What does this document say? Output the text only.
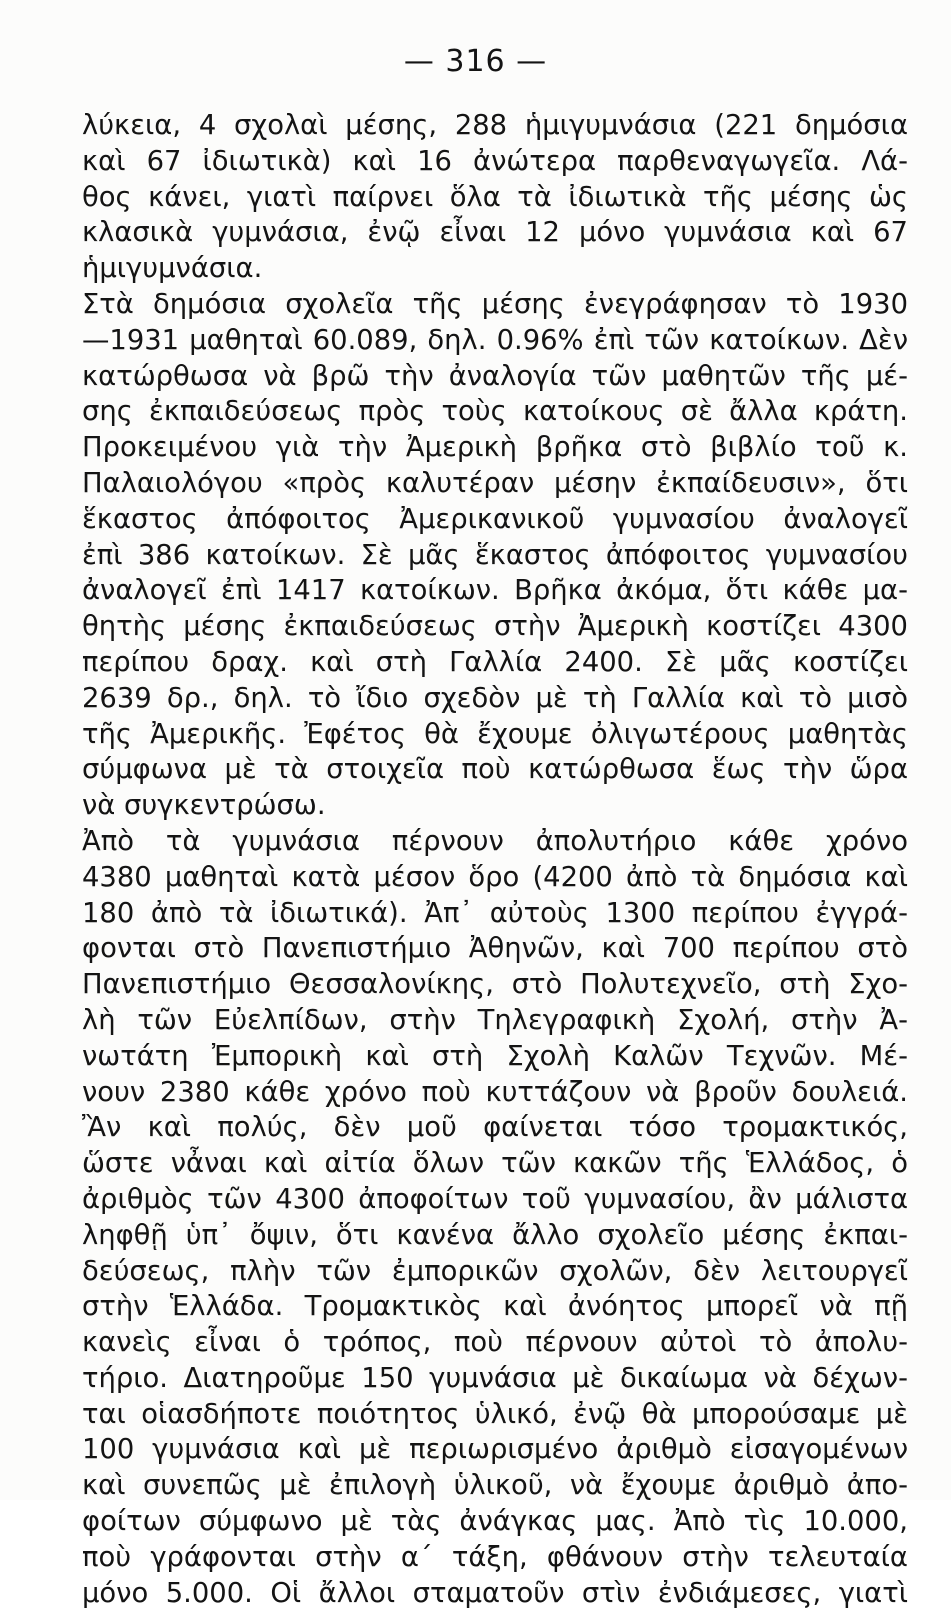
— 316 —
λύκεια, 4 σχολαὶ μέσης, 288 ἡμιγυμνάσια (221 δημόσια
καὶ 67 ἰδιωτικὰ) καὶ 16 ἀνώτερα παρθεναγωγεῖα. Λά-
θος κάνει, γιατὶ παίρνει ὅλα τὰ ἰδιωτικὰ τῆς μέσης ὡς
κλασικὰ γυμνάσια, ἐνῷ εἶναι 12 μόνο γυμνάσια καὶ 67
ἡμιγυμνάσια.
Στὰ δημόσια σχολεῖα τῆς μέσης ἐνεγράφησαν τὸ 1930
—1931 μαθηταὶ 60.089, δηλ. 0.96% ἐπὶ τῶν κατοίκων. Δὲν
κατώρθωσα νὰ βρῶ τὴν ἀναλογία τῶν μαθητῶν τῆς μέ-
σης ἐκπαιδεύσεως πρὸς τοὺς κατοίκους σὲ ἄλλα κράτη.
Προκειμένου γιὰ τὴν Ἀμερικὴ βρῆκα στὸ βιβλίο τοῦ κ.
Παλαιολόγου «πρὸς καλυτέραν μέσην ἐκπαίδευσιν», ὅτι
ἕκαστος ἀπόφοιτος Ἀμερικανικοῦ γυμνασίου ἀναλογεῖ
ἐπὶ 386 κατοίκων. Σὲ μᾶς ἕκαστος ἀπόφοιτος γυμνασίου
ἀναλογεῖ ἐπὶ 1417 κατοίκων. Βρῆκα ἀκόμα, ὅτι κάθε μα-
θητὴς μέσης ἐκπαιδεύσεως στὴν Ἀμερικὴ κοστίζει 4300
περίπου δραχ. καὶ στὴ Γαλλία 2400. Σὲ μᾶς κοστίζει
2639 δρ., δηλ. τὸ ἴδιο σχεδὸν μὲ τὴ Γαλλία καὶ τὸ μισὸ
τῆς Ἀμερικῆς. Ἐφέτος θὰ ἔχουμε ὀλιγωτέρους μαθητὰς
σύμφωνα μὲ τὰ στοιχεῖα ποὺ κατώρθωσα ἕως τὴν ὥρα
νὰ συγκεντρώσω.
Ἀπὸ τὰ γυμνάσια πέρνουν ἀπολυτήριο κάθε χρόνο
4380 μαθηταὶ κατὰ μέσον ὅρο (4200 ἀπὸ τὰ δημόσια καὶ
180 ἀπὸ τὰ ἰδιωτικά). Ἀπ᾽ αὐτοὺς 1300 περίπου ἐγγρά-
φονται στὸ Πανεπιστήμιο Ἀθηνῶν, καὶ 700 περίπου στὸ
Πανεπιστήμιο Θεσσαλονίκης, στὸ Πολυτεχνεῖο, στὴ Σχο-
λὴ τῶν Εὐελπίδων, στὴν Τηλεγραφικὴ Σχολή, στὴν Ἀ-
νωτάτη Ἐμπορικὴ καὶ στὴ Σχολὴ Καλῶν Τεχνῶν. Μέ-
νουν 2380 κάθε χρόνο ποὺ κυττάζουν νὰ βροῦν δουλειά.
Ἂν καὶ πολύς, δὲν μοῦ φαίνεται τόσο τρομακτικός,
ὥστε νἆναι καὶ αἰτία ὅλων τῶν κακῶν τῆς Ἑλλάδος, ὁ
ἀριθμὸς τῶν 4300 ἀποφοίτων τοῦ γυμνασίου, ἂν μάλιστα
ληφθῇ ὑπ᾽ ὄψιν, ὅτι κανένα ἄλλο σχολεῖο μέσης ἐκπαι-
δεύσεως, πλὴν τῶν ἐμπορικῶν σχολῶν, δὲν λειτουργεῖ
στὴν Ἑλλάδα. Τρομακτικὸς καὶ ἀνόητος μπορεῖ νὰ πῇ
κανεὶς εἶναι ὁ τρόπος, ποὺ πέρνουν αὐτοὶ τὸ ἀπολυ-
τήριο. Διατηροῦμε 150 γυμνάσια μὲ δικαίωμα νὰ δέχων-
ται οἱασδήποτε ποιότητος ὑλικό, ἐνῷ θὰ μπορούσαμε μὲ
100 γυμνάσια καὶ μὲ περιωρισμένο ἀριθμὸ εἰσαγομένων
καὶ συνεπῶς μὲ ἐπιλογὴ ὑλικοῦ, νὰ ἔχουμε ἀριθμὸ ἀπο-
φοίτων σύμφωνο μὲ τὰς ἀνάγκας μας. Ἀπὸ τὶς 10.000,
ποὺ γράφονται στὴν α΄ τάξη, φθάνουν στὴν τελευταία
μόνο 5.000. Οἱ ἄλλοι σταματοῦν στὶν ἐνδιάμεσες, γιατὶ
